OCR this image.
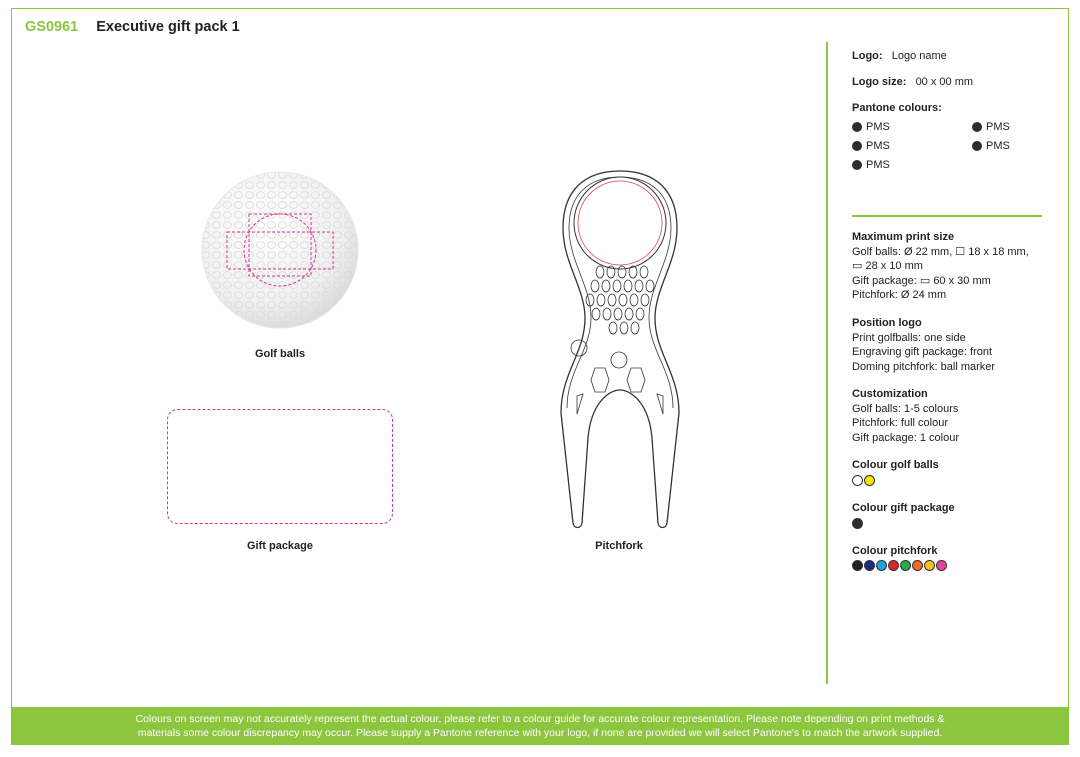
GS0961 Executive gift pack 1
Golf balls
Gift package	Pitchfork
Logo: Logo name
Logo size: 00 x 00 mm
Pantone colours:
PMS	PMS
PMS	PMS
PMS
Maximum print size
Golf balls: Ø 22 mm, ☐ 18 x 18 mm,
▭ 28 x 10 mm
Gift package: ▭ 60 x 30 mm
Pitchfork: Ø 24 mm
Position logo
Print golfballs: one side
Engraving gift package: front
Doming pitchfork: ball marker
Customization
Golf balls: 1-5 colours
Pitchfork: full colour
Gift package: 1 colour
Colour golf balls
Colour gift package
Colour pitchfork
Colours on screen may not accurately represent the actual colour, please refer to a colour guide for accurate colour representation. Please note depending on print methods &
materials some colour discrepancy may occur. Please supply a Pantone reference with your logo, if none are provided we will select Pantone's to match the artwork supplied.
